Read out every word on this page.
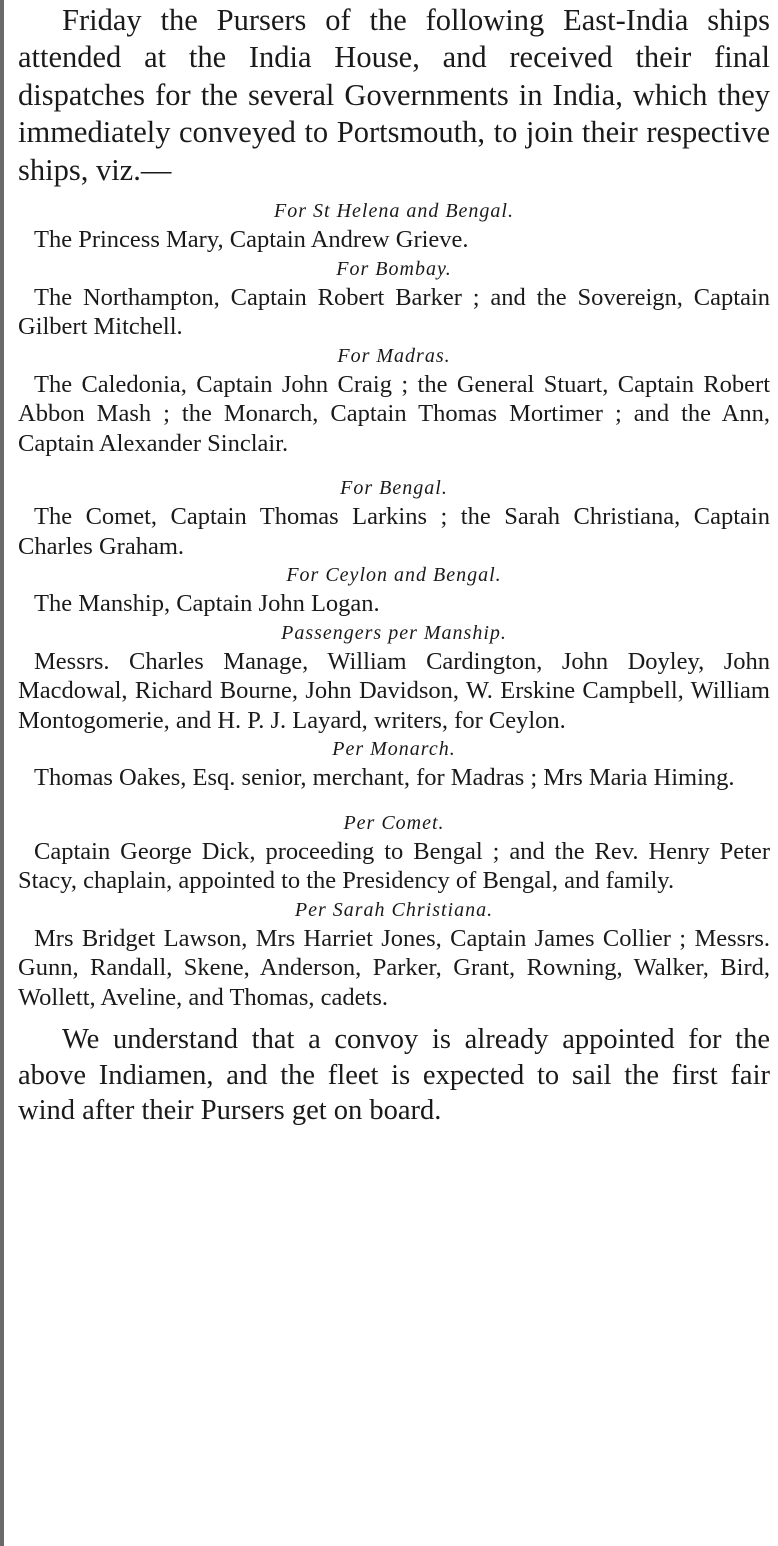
Friday the Pursers of the following East-India ships attended at the India House, and received their final dispatches for the several Governments in India, which they immediately conveyed to Portsmouth, to join their respective ships, viz.—

For St Helena and Bengal.

The Princess Mary, Captain Andrew Grieve.

For Bombay.

The Northampton, Captain Robert Barker ; and the Sovereign, Captain Gilbert Mitchell.

For Madras.

The Caledonia, Captain John Craig ; the General Stuart, Captain Robert Abbon Mash ; the Monarch, Captain Thomas Mortimer ; and the Ann, Captain Alexander Sinclair.

For Bengal.

The Comet, Captain Thomas Larkins ; the Sarah Christiana, Captain Charles Graham.

For Ceylon and Bengal.

The Manship, Captain John Logan.

Passengers per Manship.

Messrs. Charles Manage, William Cardington, John Doyley, John Macdowal, Richard Bourne, John Davidson, W. Erskine Campbell, William Montogomerie, and H. P. J. Layard, writers, for Ceylon.

Per Monarch.

Thomas Oakes, Esq. senior, merchant, for Madras ; Mrs Maria Himing.

Per Comet.

Captain George Dick, proceeding to Bengal ; and the Rev. Henry Peter Stacy, chaplain, appointed to the Presidency of Bengal, and family.

Per Sarah Christiana.

Mrs Bridget Lawson, Mrs Harriet Jones, Captain James Collier ; Messrs. Gunn, Randall, Skene, Anderson, Parker, Grant, Rowning, Walker, Bird, Wollett, Aveline, and Thomas, cadets.

We understand that a convoy is already appointed for the above Indiamen, and the fleet is expected to sail the first fair wind after their Pursers get on board.
